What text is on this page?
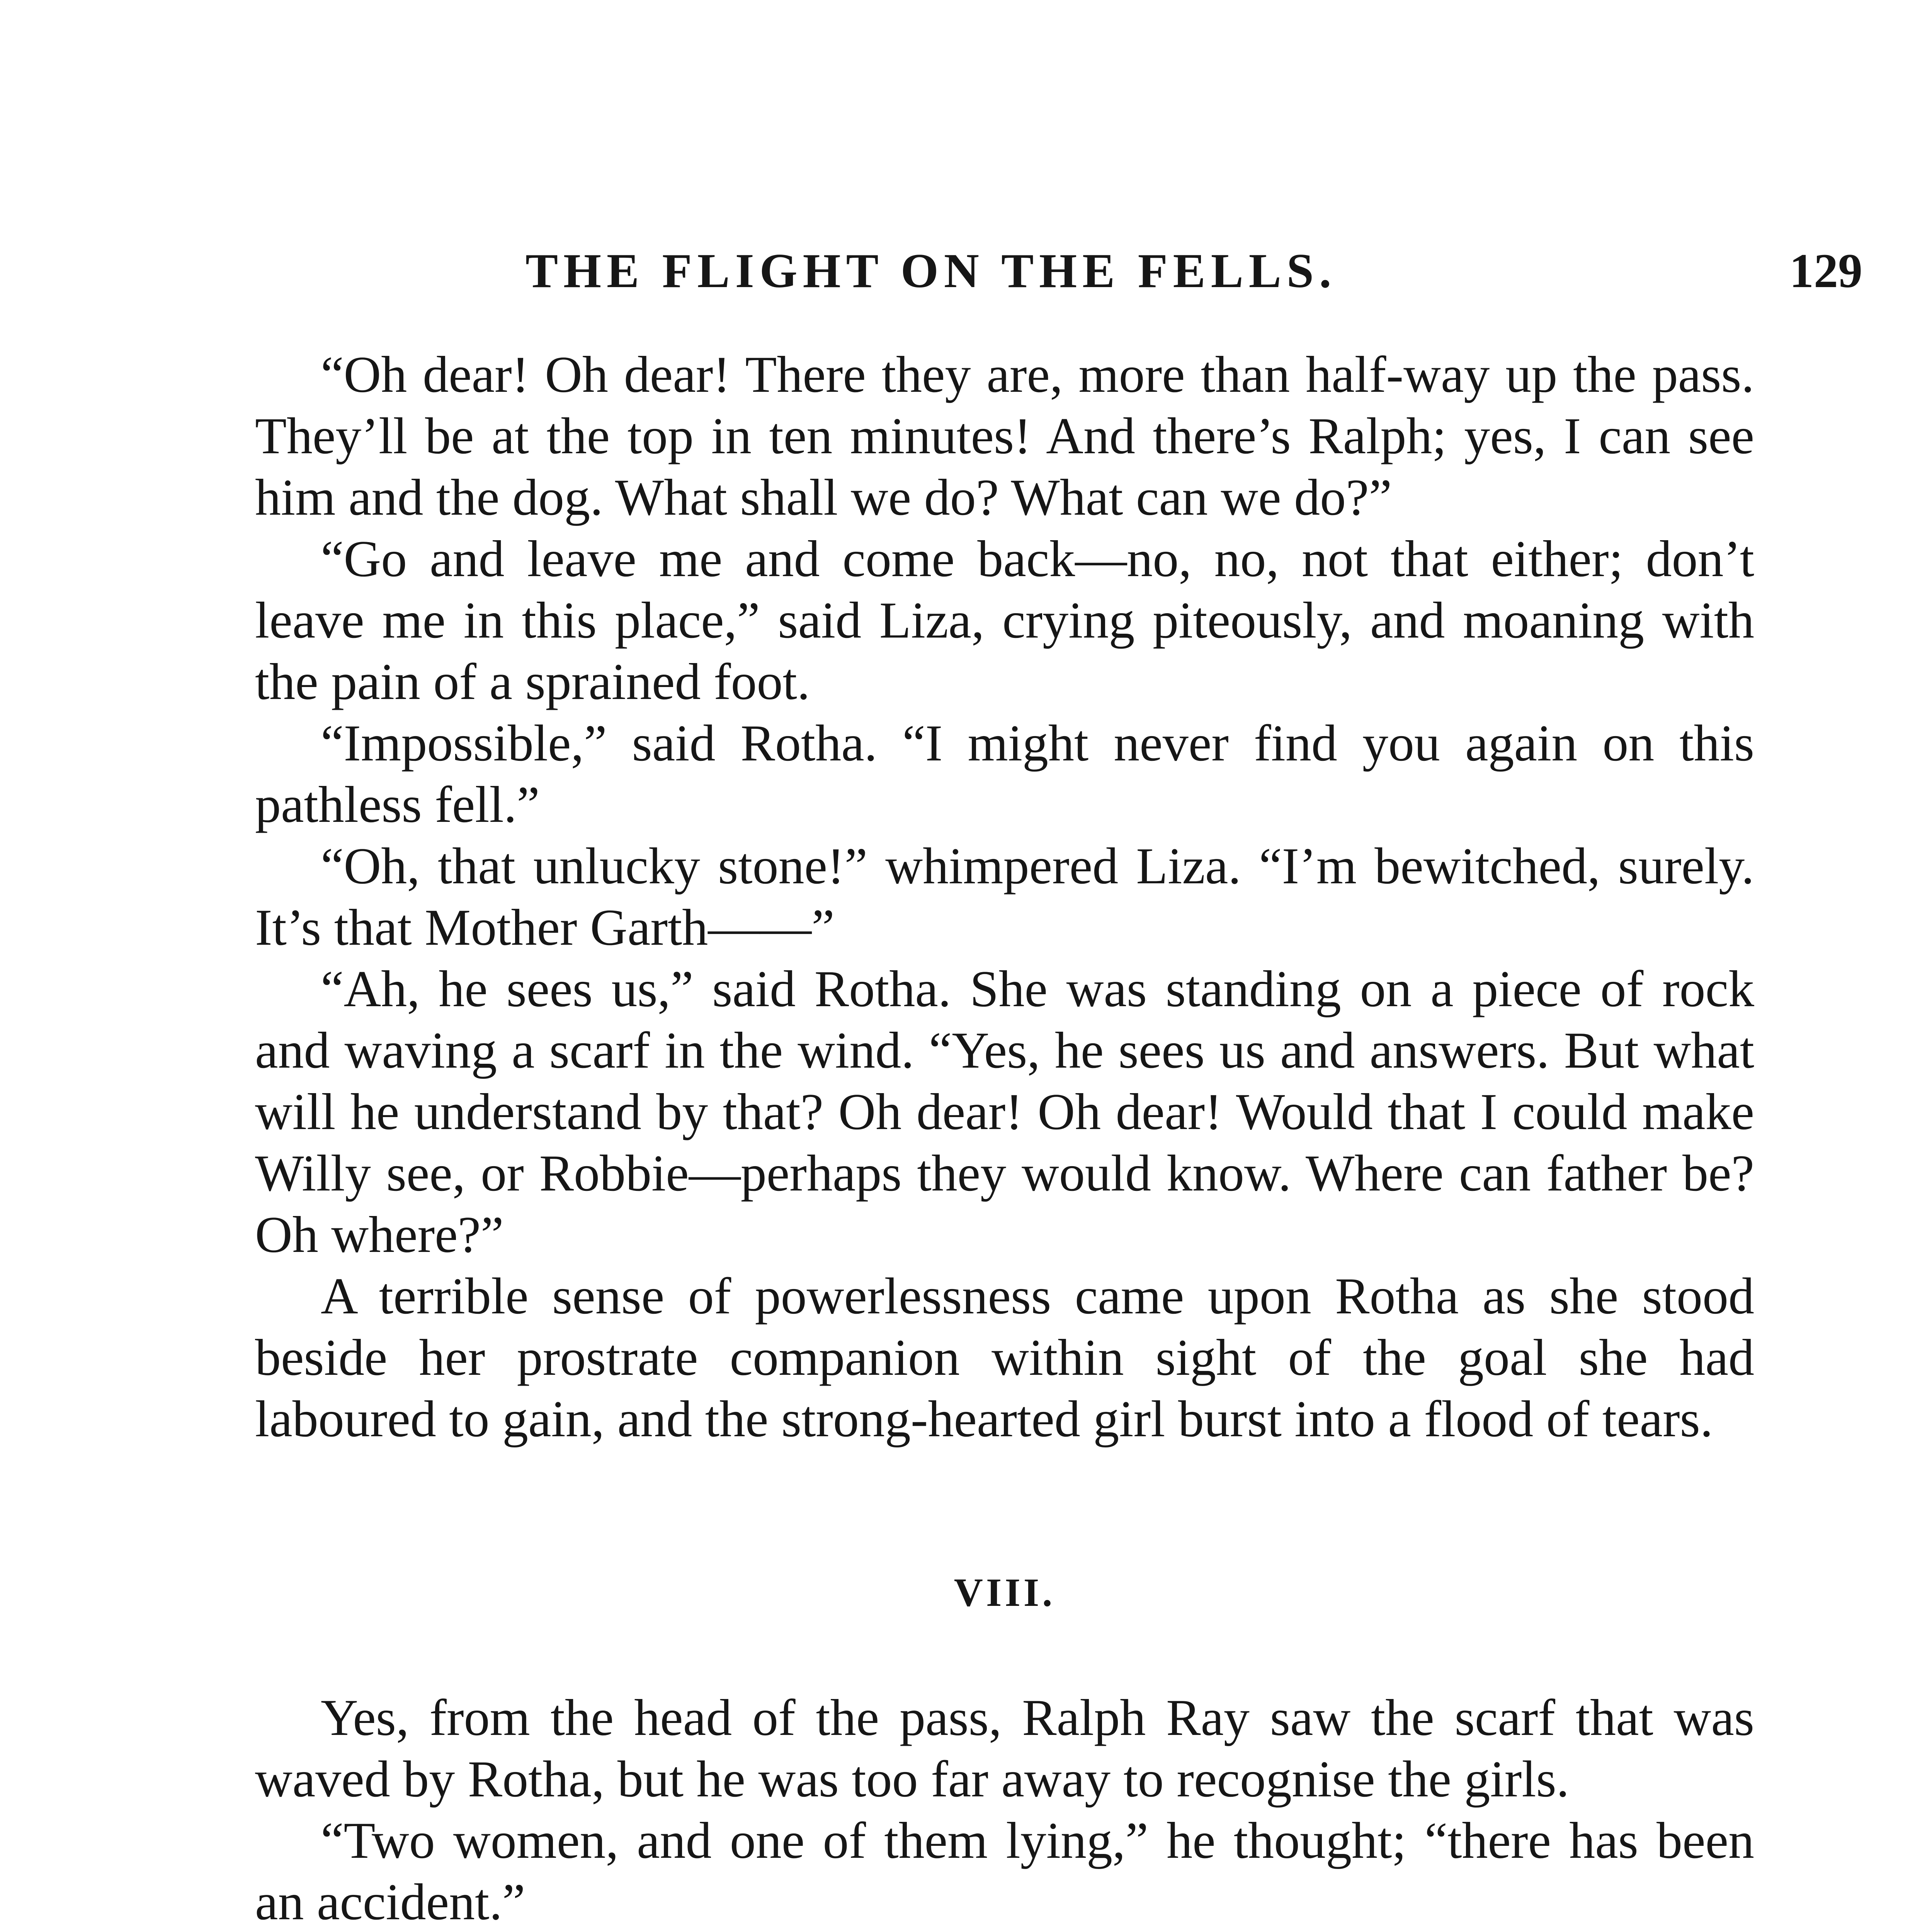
THE FLIGHT ON THE FELLS.	129

“Oh dear! Oh dear! There they are, more than half-way up the pass. They’ll be at the top in ten minutes! And there’s Ralph; yes, I can see him and the dog. What shall we do? What can we do?”

“Go and leave me and come back—no, no, not that either; don’t leave me in this place,” said Liza, crying piteously, and moaning with the pain of a sprained foot.

“Impossible,” said Rotha. “I might never find you again on this pathless fell.”

“Oh, that unlucky stone!” whimpered Liza. “I’m bewitched, surely. It’s that Mother Garth——”

“Ah, he sees us,” said Rotha. She was standing on a piece of rock and waving a scarf in the wind. “Yes, he sees us and answers. But what will he understand by that? Oh dear! Oh dear! Would that I could make Willy see, or Robbie—perhaps they would know. Where can father be? Oh where?”

A terrible sense of powerlessness came upon Rotha as she stood beside her prostrate companion within sight of the goal she had laboured to gain, and the strong-hearted girl burst into a flood of tears.

VIII.

Yes, from the head of the pass, Ralph Ray saw the scarf that was waved by Rotha, but he was too far away to recognise the girls.

“Two women, and one of them lying,” he thought; “there has been an accident.”
